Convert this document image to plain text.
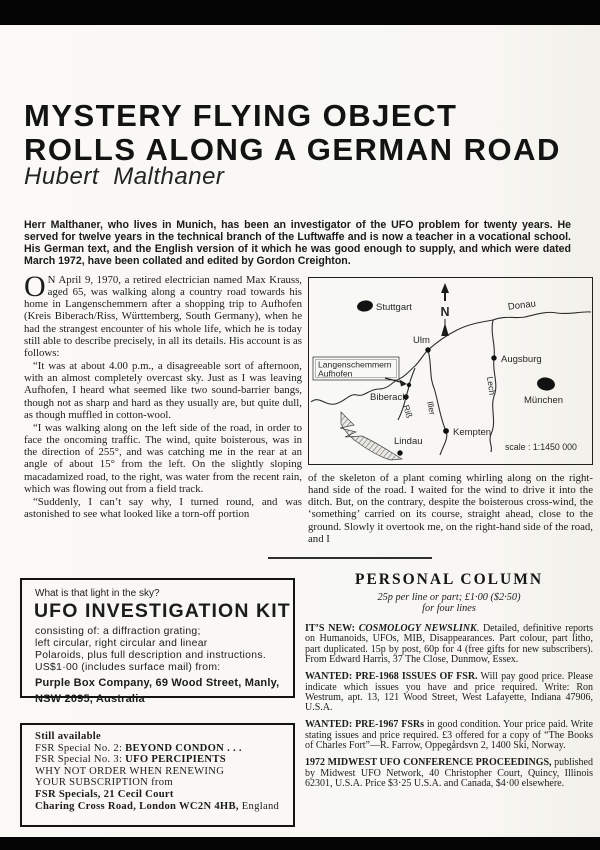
MYSTERY FLYING OBJECT
ROLLS ALONG A GERMAN ROAD
Hubert Malthaner

Herr Malthaner, who lives in Munich, has been an investigator of the UFO problem for twenty years. He served for twelve years in the technical branch of the Luftwaffe and is now a teacher in a vocational school. His German text, and the English version of it which he was good enough to supply, and which were dated March 1972, have been collated and edited by Gordon Creighton.

O N April 9, 1970, a retired electrician named Max Krauss, aged 65, was walking along a country road towards his home in Langenschemmern after a shopping trip to Aufhofen (Kreis Biberach/Riss, Württemberg, South Germany), when he had the strangest encounter of his whole life, which he is today still able to describe precisely, in all its details. His account is as follows:

“It was at about 4.00 p.m., a disagreeable sort of afternoon, with an almost completely overcast sky. Just as I was leaving Aufhofen, I heard what seemed like two sound-barrier bangs, though not as sharp and hard as they usually are, but quite dull, as though muffled in cotton-wool.

“I was walking along on the left side of the road, in order to face the oncoming traffic. The wind, quite boisterous, was in the direction of 255°, and was catching me in the rear at an angle of about 15° from the left. On the slightly sloping macadamized road, to the right, was water from the recent rain, which was flowing out from a field track.

“Suddenly, I can’t say why, I turned round, and was astonished to see what looked like a torn-off portion

Langenschemmern
Aufhofen
N
Stuttgart	Donau
Ulm
Augsburg
München
Biberach
Riß Iller
Lech
Kempten
Lindau	scale : 1:1450 000

of the skeleton of a plant coming whirling along on the right-hand side of the road. I waited for the wind to drive it into the ditch. But, on the contrary, despite the boisterous cross-wind, the ‘something’ carried on its course, straight ahead, close to the ground. Slowly it overtook me, on the right-hand side of the road, and I

What is that light in the sky?
UFO INVESTIGATION KIT
consisting of: a diffraction grating;
left circular, right circular and linear
Polaroids, plus full description and instructions.
US$1·00 (includes surface mail) from:
Purple Box Company, 69 Wood Street, Manly,
NSW 2095, Australia
Still available
FSR Special No. 2: BEYOND CONDON . . .
FSR Special No. 3: UFO PERCIPIENTS
WHY NOT ORDER WHEN RENEWING
YOUR SUBSCRIPTION from
FSR Specials, 21 Cecil Court
Charing Cross Road, London WC2N 4HB, England
PERSONAL COLUMN
25p per line or part; £1·00 ($2·50)
for four lines

IT’S NEW: COSMOLOGY NEWSLINK. Detailed, definitive reports on Humanoids, UFOs, MIB, Disappearances. Part colour, part litho, part duplicated. 15p by post, 60p for 4 (free gifts for new subscribers). From Edward Harris, 37 The Close, Dunmow, Essex.

WANTED: PRE-1968 ISSUES OF FSR. Will pay good price. Please indicate which issues you have and price required. Write: Ron Westrum, apt. 13, 121 Wood Street, West Lafayette, Indiana 47906, U.S.A.

WANTED: PRE-1967 FSRs in good condition. Your price paid. Write stating issues and price required. £3 offered for a copy of “The Books of Charles Fort”—R. Farrow, Oppegårdsvn 2, 1400 Ski, Norway.

1972 MIDWEST UFO CONFERENCE PROCEEDINGS, published by Midwest UFO Network, 40 Christopher Court, Quincy, Illinois 62301, U.S.A. Price $3·25 U.S.A. and Canada, $4·00 elsewhere.
